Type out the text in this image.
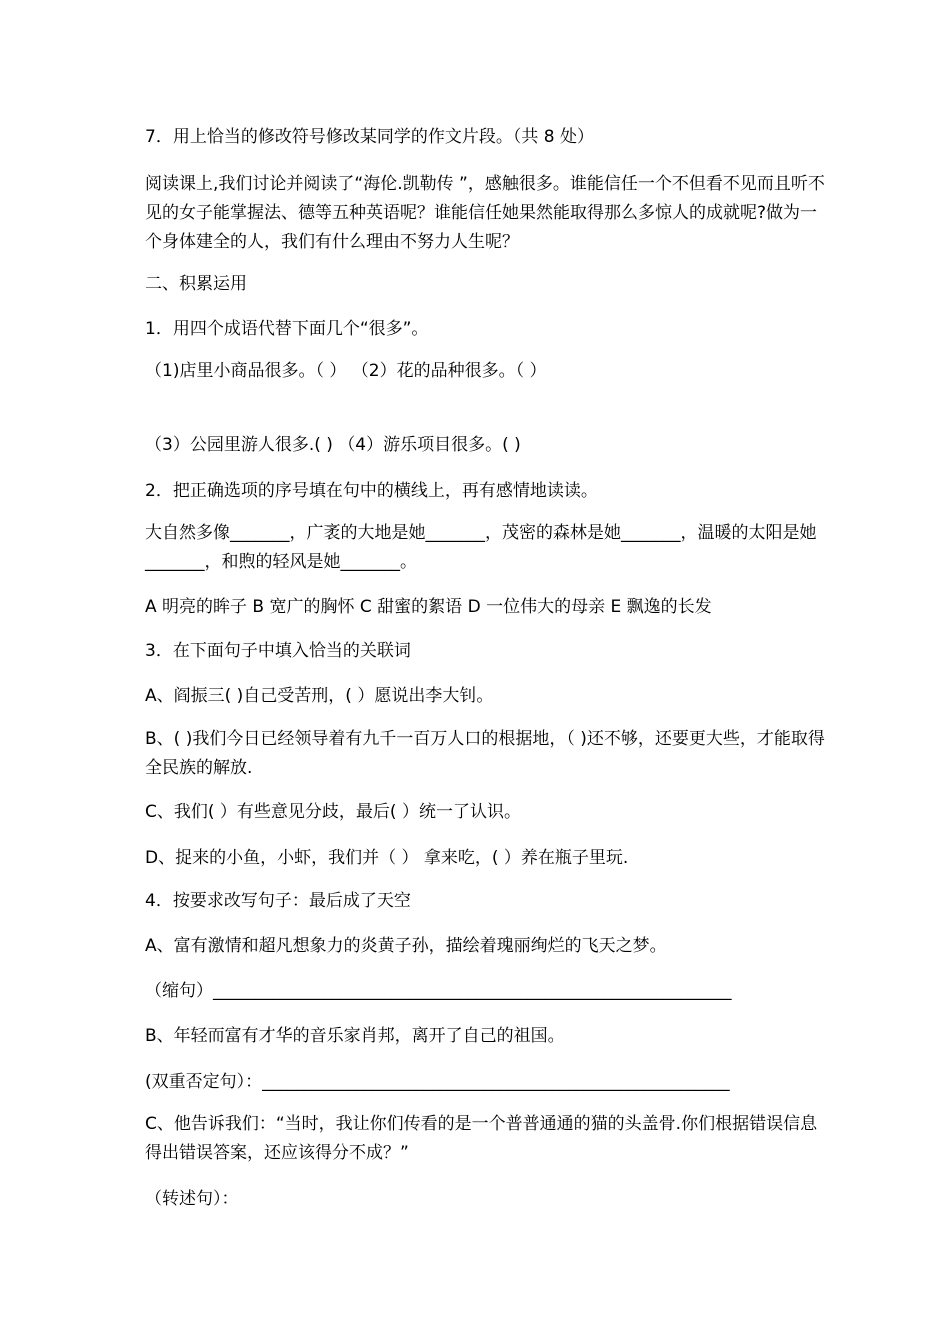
7．用上恰当的修改符号修改某同学的作文片段。（共 8 处）

阅读课上,我们讨论并阅读了“海伦.凯勒传 ”，感触很多。谁能信任一个不但看不见而且听不见的女子能掌握法、德等五种英语呢？谁能信任她果然能取得那么多惊人的成就呢?做为一个身体建全的人，我们有什么理由不努力人生呢？

二、积累运用

1．用四个成语代替下面几个“很多”。

（1)店里小商品很多。（ ） （2）花的品种很多。（ ）

（3）公园里游人很多.( ) （4）游乐项目很多。( )

2．把正确选项的序号填在句中的横线上，再有感情地读读。

大自然多像_______，广袤的大地是她_______，茂密的森林是她_______，温暖的太阳是她_______，和煦的轻风是她_______。

A 明亮的眸子 B 宽广的胸怀 C 甜蜜的絮语 D 一位伟大的母亲 E 飘逸的长发

3．在下面句子中填入恰当的关联词

A、阎振三( )自己受苦刑，( ）愿说出李大钊。

B、( )我们今日已经领导着有九千一百万人口的根据地，（ )还不够，还要更大些，才能取得全民族的解放.

C、我们( ）有些意见分歧，最后( ）统一了认识。

D、捉来的小鱼，小虾，我们并（ ） 拿来吃，( ）养在瓶子里玩.

4．按要求改写句子：最后成了天空

A、富有激情和超凡想象力的炎黄子孙，描绘着瑰丽绚烂的飞天之梦。

（缩句）_____________________________________________________________

B、年轻而富有才华的音乐家肖邦，离开了自己的祖国。

(双重否定句）：_______________________________________________________

C、他告诉我们：“当时，我让你们传看的是一个普普通通的猫的头盖骨.你们根据错误信息得出错误答案，还应该得分不成？”

（转述句）：
